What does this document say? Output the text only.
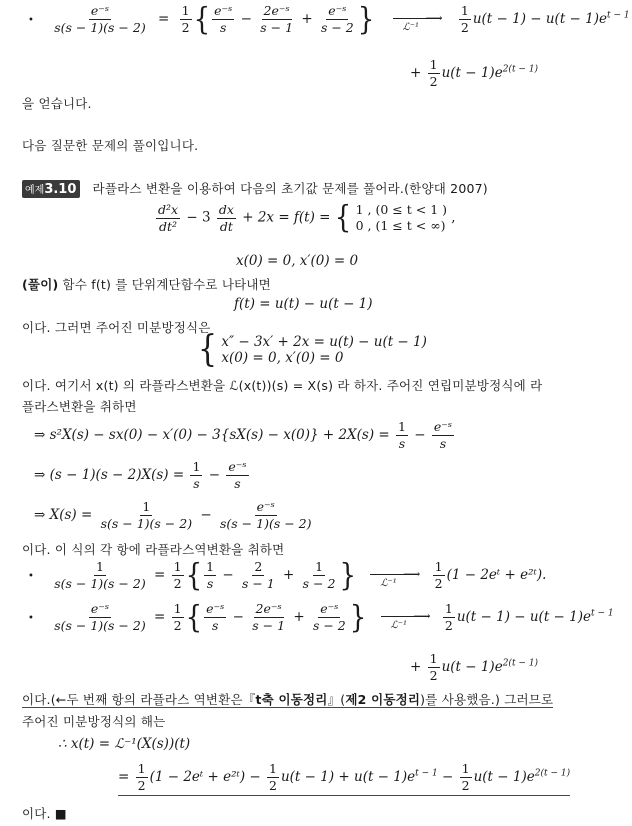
• $\frac{\text{e⁻ˢ}}{s(s - 1)(s - 2)} = \frac{1}{2}$ { $\frac{\text{e⁻ˢ}}{s} - \frac{\text{2e⁻ˢ}}{s - 1} + \frac{\text{e⁻ˢ}}{s - 2}$ }	⟶
ℒ⁻¹
	$\frac{1}{2} u(t - 1) - u(t - 1)e^{t - 1}$
+ $\frac{1}{2} u(t - 1)e^{2(t - 1)}$
을 얻습니다.
다음 질문한 문제의 풀이입니다.
예제3.10 라플라스 변환을 이용하여 다음의 초기값 문제를 풀어라.(한양대 2007)
$\frac{\text{d²x}}{\text{dt²}} - 3 \frac{dx}{dt} + 2x = f(t)$ = { 1 , (0 ≤ t < 1 )
0 , (1 ≤ t < ∞) ,
x(0) = 0, x′(0) = 0
(풀이) 함수 f(t) 를 단위계단함수로 나타내면
f(t) = u(t) − u(t − 1)
이다. 그러면 주어진 미분방정식은
{ x″ − 3x′ + 2x = u(t) − u(t − 1)
x(0) = 0, x′(0) = 0
이다. 여기서 x(t) 의 라플라스변환을 ℒ(x(t))(s) = X(s) 라 하자. 주어진 연립미분방정식에 라
플라스변환을 취하면
⇒ $s^2X(s) - sx(0) - x'(0) - 3\{sX(s) - x(0)\} + 2X(s) = \frac{1}{s} - \frac{\text{e⁻ˢ}}{s}$
⇒ $(s - 1)(s - 2)X(s) = \frac{1}{s} - \frac{\text{e⁻ˢ}}{s}$
⇒ $X(s) = \frac{1}{s(s - 1)(s - 2)} - \frac{\text{e⁻ˢ}}{s(s - 1)(s - 2)}$
이다. 이 식의 각 항에 라플라스역변환을 취하면
• $\frac{1}{s(s - 1)(s - 2)} = \frac{1}{2}$ { $\frac{1}{s} - \frac{2}{s - 1} + \frac{1}{s - 2}$ }	⟶
ℒ⁻¹
	$\frac{1}{2} (1$ − 2eᵗ + e²ᵗ).
• $\frac{\text{e⁻ˢ}}{s(s - 1)(s - 2)} = \frac{1}{2}$ { $\frac{\text{e⁻ˢ}}{s} - \frac{\text{2e⁻ˢ}}{s - 1} + \frac{\text{e⁻ˢ}}{s - 2}$ }	⟶
ℒ⁻¹
	$\frac{1}{2} u(t - 1) - u(t - 1)e^{t - 1}$
+ $\frac{1}{2} u(t - 1)e^{2(t - 1)}$
이다.(←두 번째 항의 라플라스 역변환은『t축 이동정리』(제2 이동정리)를 사용했음.) 그러므로
주어진 미분방정식의 해는
∴ x(t) = ℒ⁻¹(X(s))(t)
= $\frac{1}{2} (1$ − 2eᵗ + e²ᵗ) − $\frac{1}{2} u(t - 1) + u(t - 1)e^{t - 1} - \frac{1}{2} u(t - 1)e^{2(t - 1)}$
이다. ■
